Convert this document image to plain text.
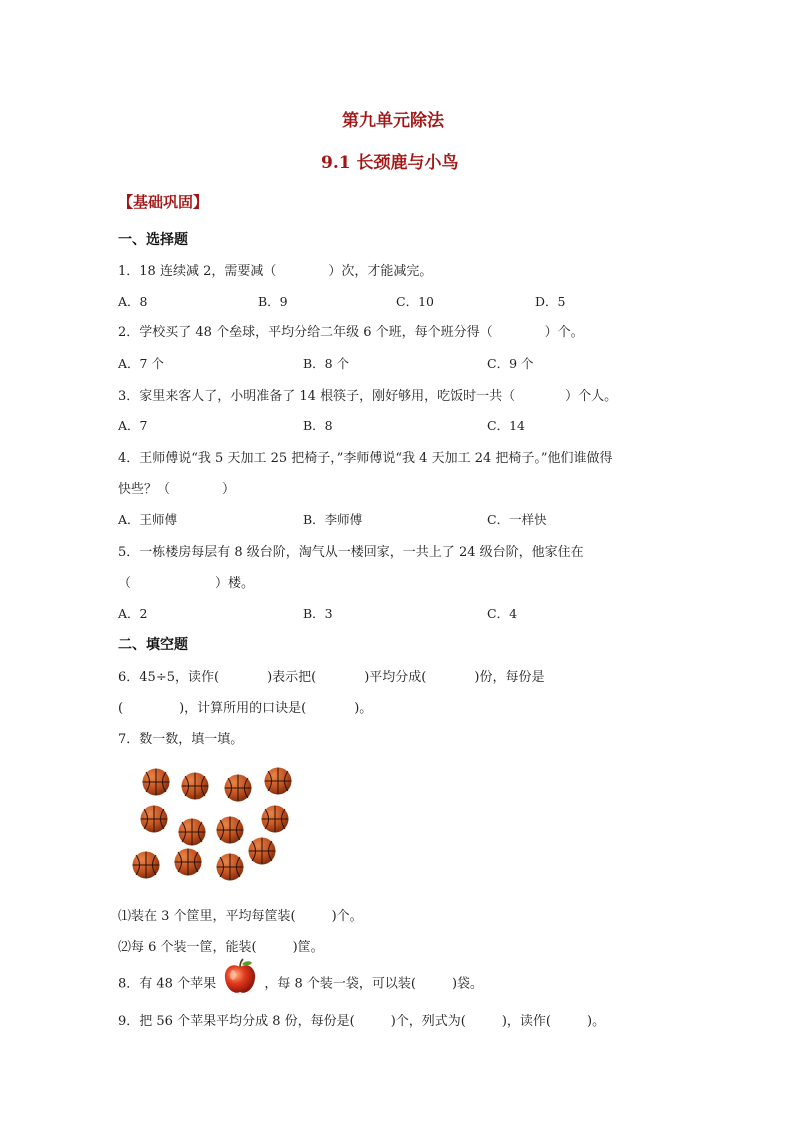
第九单元除法
9.1 长颈鹿与小鸟
【基础巩固】
一、选择题
1．18 连续减 2，需要减（	）次，才能减完。
A．8	B．9	C．10	D．5
2．学校买了 48 个垒球，平均分给二年级 6 个班，每个班分得（	）个。
A．7 个	B．8 个	C．9 个
3．家里来客人了，小明准备了 14 根筷子，刚好够用，吃饭时一共（	）个人。
A．7	B．8	C．14
4．王师傅说“我 5 天加工 25 把椅子，”李师傅说“我 4 天加工 24 把椅子。”他们谁做得
快些？（	）
A．王师傅	B．李师傅	C．一样快
5．一栋楼房每层有 8 级台阶，淘气从一楼回家，一共上了 24 级台阶，他家住在
（	）楼。
A．2	B．3	C．4
二、填空题
6．45÷5，读作(	)表示把(	)平均分成(	)份，每份是
(	)，计算所用的口诀是(	)。
7．数一数，填一填。
⑴装在 3 个筐里，平均每筐装(	)个。
⑵每 6 个装一筐，能装(	)筐。
8．有 48 个苹果	，每 8 个装一袋，可以装(	)袋。
9．把 56 个苹果平均分成 8 份，每份是(	)个，列式为(	)，读作(	)。
